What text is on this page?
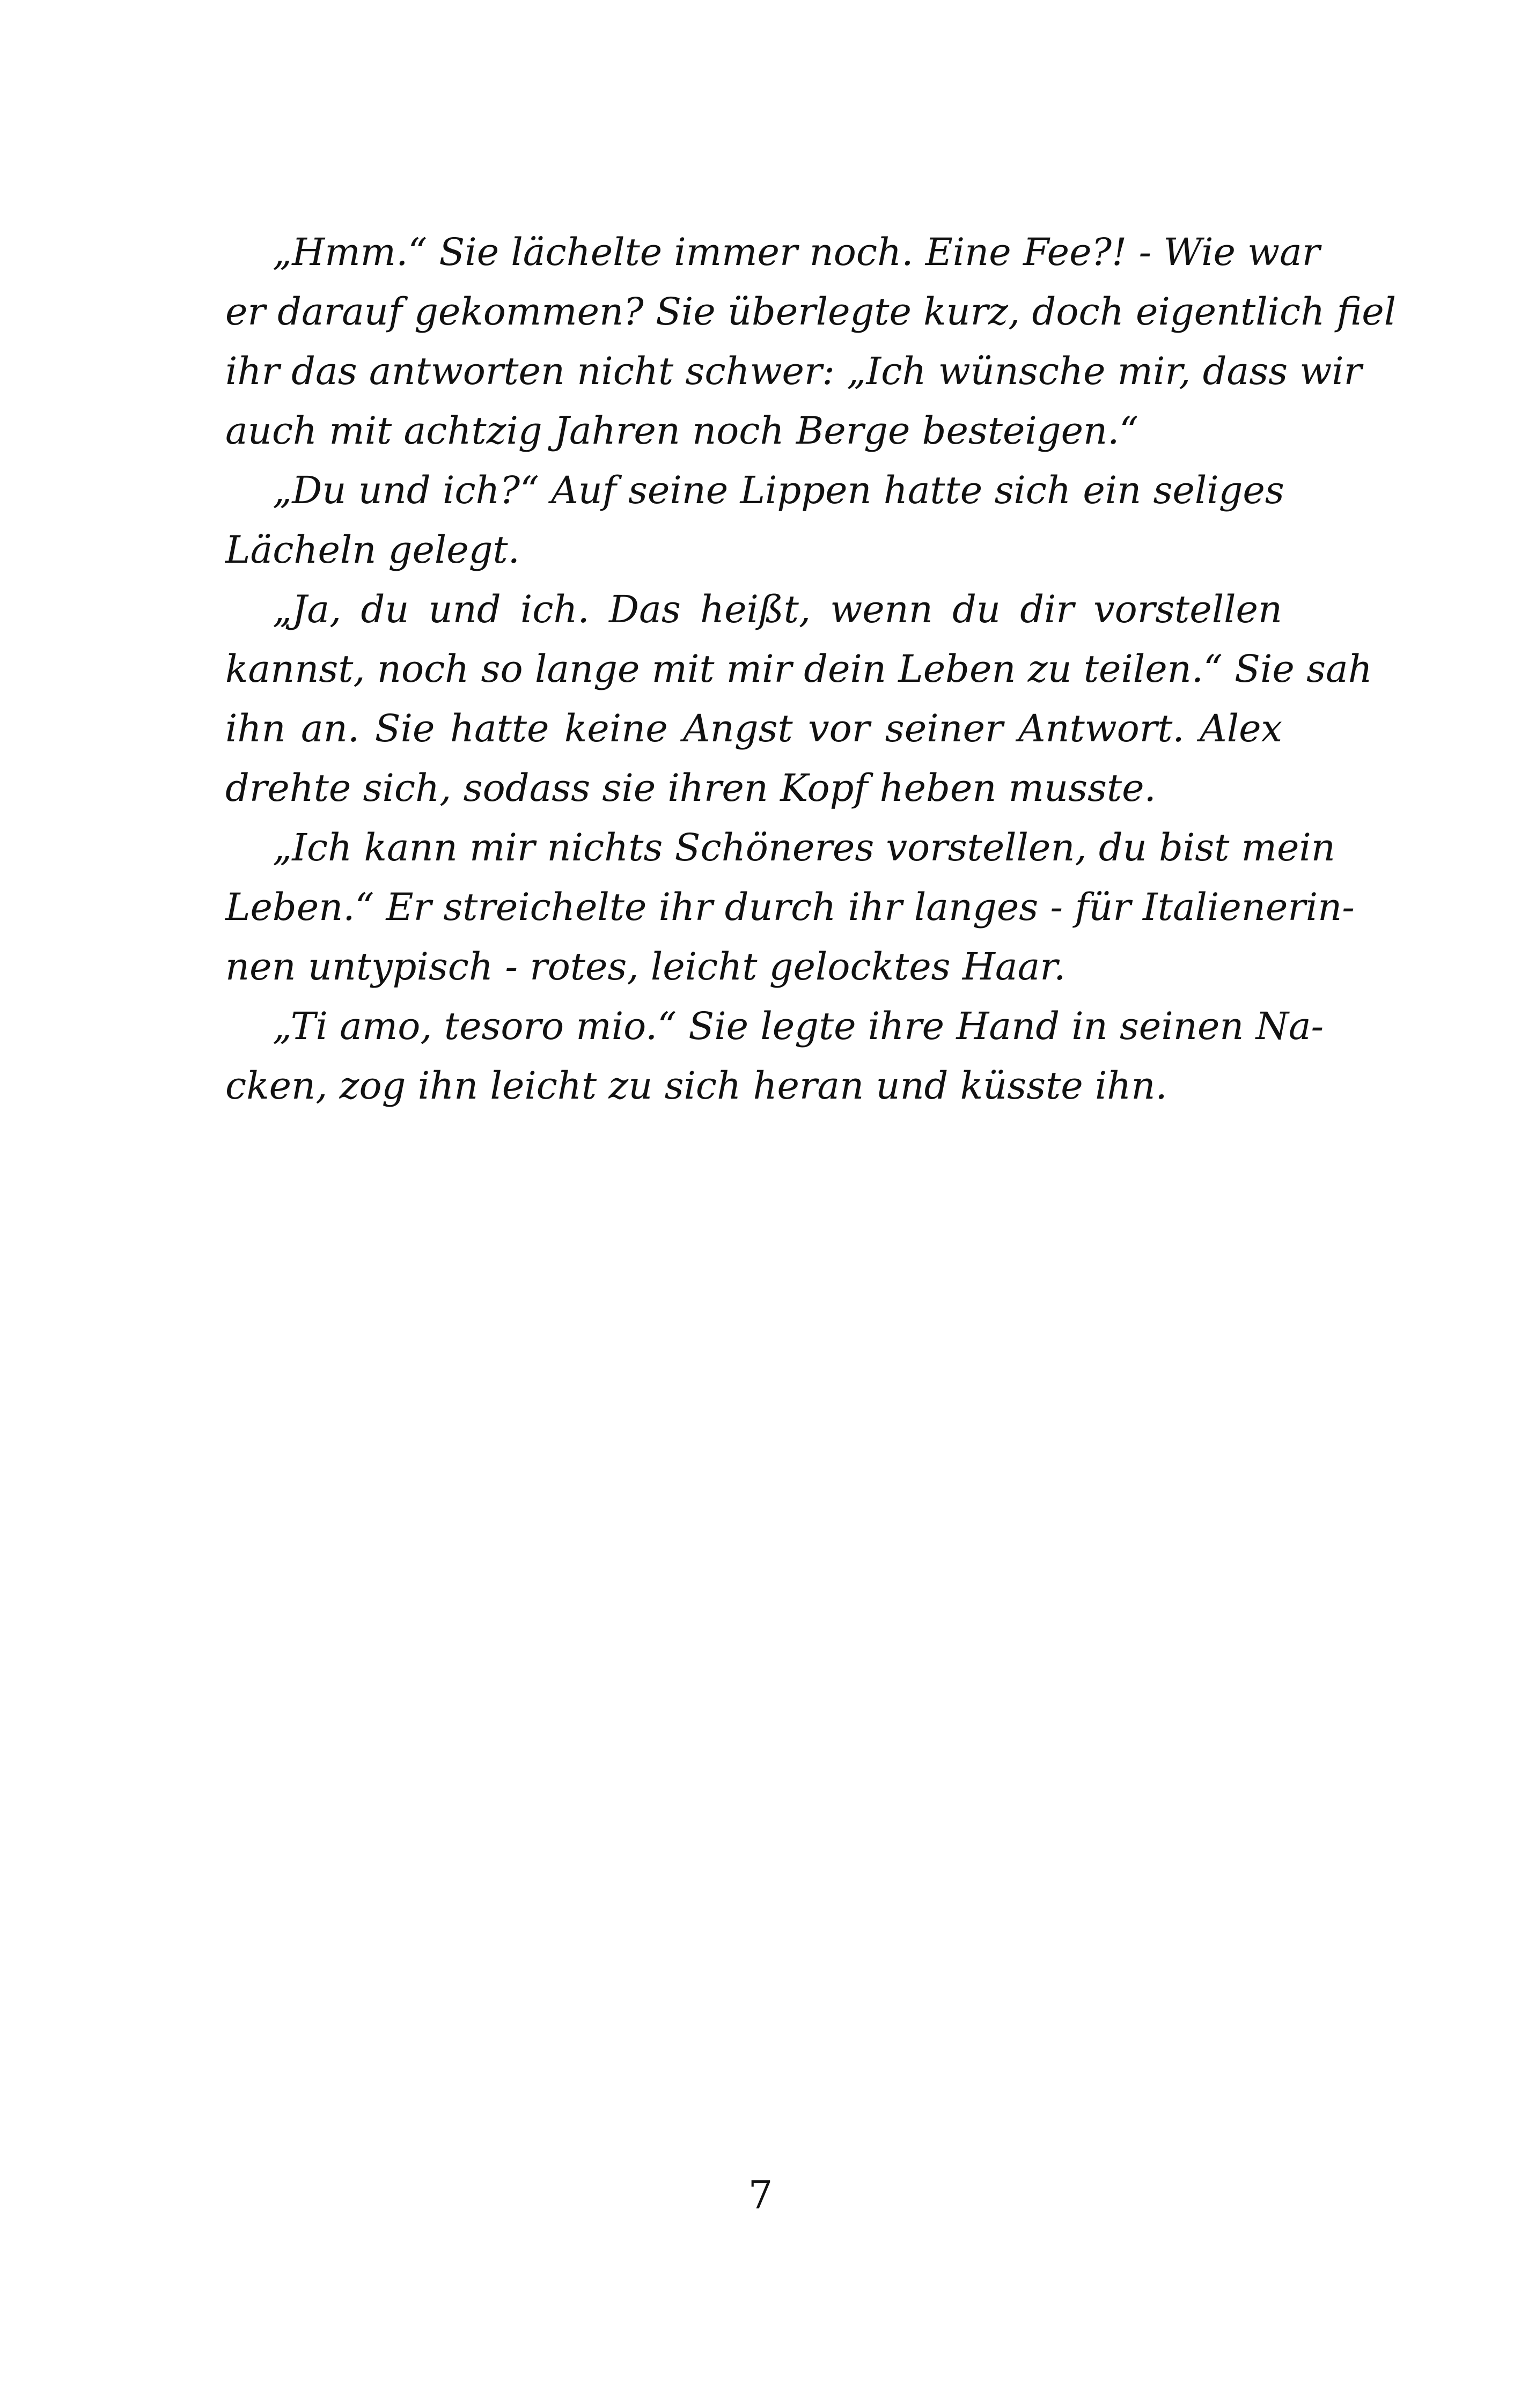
„Hmm.“ Sie lächelte immer noch. Eine Fee?! - Wie war
er darauf gekommen? Sie überlegte kurz, doch eigentlich fiel
ihr das antworten nicht schwer: „Ich wünsche mir, dass wir
auch mit achtzig Jahren noch Berge besteigen.“
„Du und ich?“ Auf seine Lippen hatte sich ein seliges
Lächeln gelegt.
„Ja, du und ich. Das heißt, wenn du dir vorstellen
kannst, noch so lange mit mir dein Leben zu teilen.“ Sie sah
ihn an. Sie hatte keine Angst vor seiner Antwort. Alex
drehte sich, sodass sie ihren Kopf heben musste.
„Ich kann mir nichts Schöneres vorstellen, du bist mein
Leben.“ Er streichelte ihr durch ihr langes - für Italienerin-
nen untypisch - rotes, leicht gelocktes Haar.
„Ti amo, tesoro mio.“ Sie legte ihre Hand in seinen Na-
cken, zog ihn leicht zu sich heran und küsste ihn.
7
